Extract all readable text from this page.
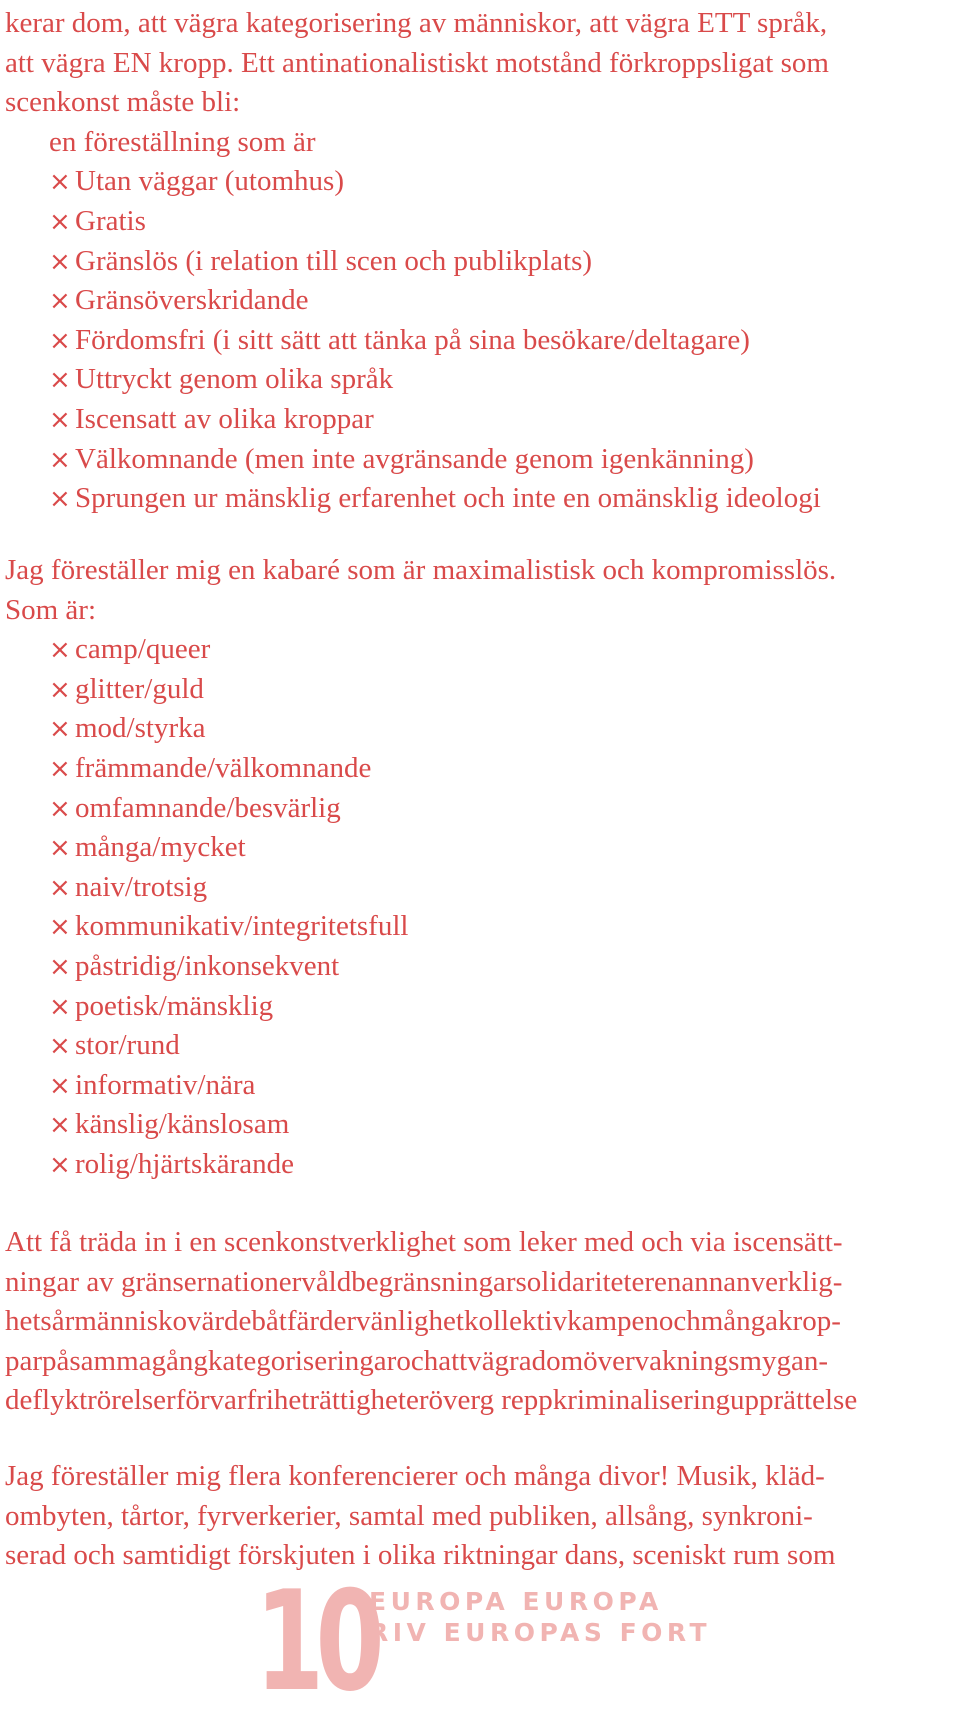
kerar dom, att vägra kategorisering av människor, att vägra ETT språk,
att vägra EN kropp. Ett antinationalistiskt motstånd förkroppsligat som
scenkonst måste bli:
en föreställning som är
× Utan väggar (utomhus)
× Gratis
× Gränslös (i relation till scen och publikplats)
× Gränsöverskridande
× Fördomsfri (i sitt sätt att tänka på sina besökare/deltagare)
× Uttryckt genom olika språk
× Iscensatt av olika kroppar
× Välkomnande (men inte avgränsande genom igenkänning)
× Sprungen ur mänsklig erfarenhet och inte en omänsklig ideologi
Jag föreställer mig en kabaré som är maximalistisk och kompromisslös.
Som är:
× camp/queer
× glitter/guld
× mod/styrka
× främmande/välkomnande
× omfamnande/besvärlig
× många/mycket
× naiv/trotsig
× kommunikativ/integritetsfull
× påstridig/inkonsekvent
× poetisk/mänsklig
× stor/rund
× informativ/nära
× känslig/känslosam
× rolig/hjärtskärande
Att få träda in i en scenkonstverklighet som leker med och via iscensätt-
ningar av gränsernationervåldbegränsningarsolidariteterenannanverklig-
hetsårmänniskovärdebåtfärdervänlighetkollektivkampenochmångakrop-
parpåsammagångkategoriseringarochattvägradomövervakningsmygan-
deflyktrörelserförvarfriheträttigheteröverg reppkriminaliseringupprättelse
Jag föreställer mig flera konferencierer och många divor! Musik, kläd-
ombyten, tårtor, fyrverkerier, samtal med publiken, allsång, synkroni-
serad och samtidigt förskjuten i olika riktningar dans, sceniskt rum som
10
EUROPA EUROPA
RIV EUROPAS FORT
